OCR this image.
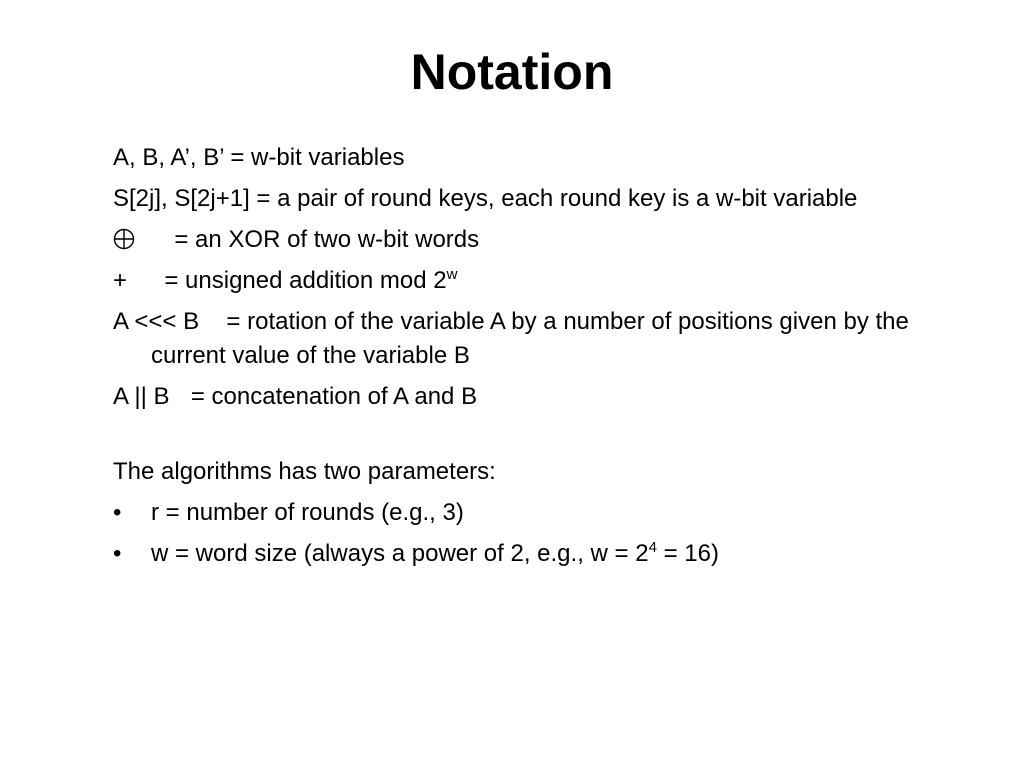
Notation
A, B, A’, B’ = w-bit variables
S[2j], S[2j+1] = a pair of round keys, each round key is a w-bit variable
= an XOR of two w-bit words
+ = unsigned addition mod 2$^w$
A <<< B = rotation of the variable A by a number of positions given by the current value of the variable B
A || B = concatenation of A and B
The algorithms has two parameters:
• r = number of rounds (e.g., 3)
• w = word size (always a power of 2, e.g., $w = 2^4 = 16$)
